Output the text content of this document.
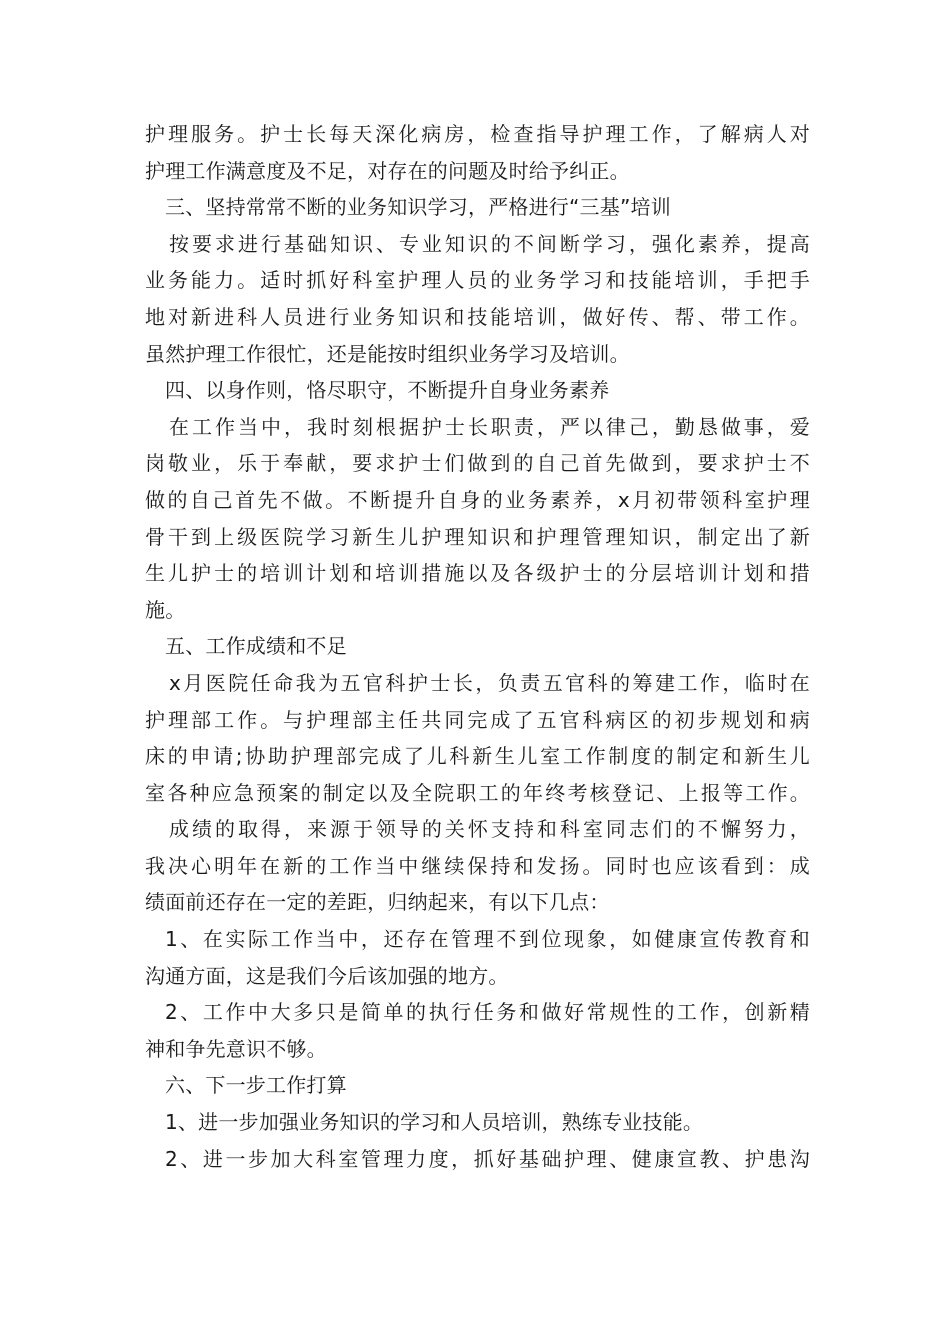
护理服务。护士长每天深化病房，检查指导护理工作，了解病人对
护理工作满意度及不足，对存在的问题及时给予纠正。
三、坚持常常不断的业务知识学习，严格进行“三基”培训
按要求进行基础知识、专业知识的不间断学习，强化素养，提高
业务能力。适时抓好科室护理人员的业务学习和技能培训，手把手
地对新进科人员进行业务知识和技能培训，做好传、帮、带工作。
虽然护理工作很忙，还是能按时组织业务学习及培训。
四、以身作则，恪尽职守，不断提升自身业务素养
在工作当中，我时刻根据护士长职责，严以律己，勤恳做事，爱
岗敬业，乐于奉献，要求护士们做到的自己首先做到，要求护士不
做的自己首先不做。不断提升自身的业务素养，x月初带领科室护理
骨干到上级医院学习新生儿护理知识和护理管理知识，制定出了新
生儿护士的培训计划和培训措施以及各级护士的分层培训计划和措
施。
五、工作成绩和不足
x月医院任命我为五官科护士长，负责五官科的筹建工作，临时在
护理部工作。与护理部主任共同完成了五官科病区的初步规划和病
床的申请;协助护理部完成了儿科新生儿室工作制度的制定和新生儿
室各种应急预案的制定以及全院职工的年终考核登记、上报等工作。
成绩的取得，来源于领导的关怀支持和科室同志们的不懈努力，
我决心明年在新的工作当中继续保持和发扬。同时也应该看到：成
绩面前还存在一定的差距，归纳起来，有以下几点：
1、在实际工作当中，还存在管理不到位现象，如健康宣传教育和
沟通方面，这是我们今后该加强的地方。
2、工作中大多只是简单的执行任务和做好常规性的工作，创新精
神和争先意识不够。
六、下一步工作打算
1、进一步加强业务知识的学习和人员培训，熟练专业技能。
2、进一步加大科室管理力度，抓好基础护理、健康宣教、护患沟
